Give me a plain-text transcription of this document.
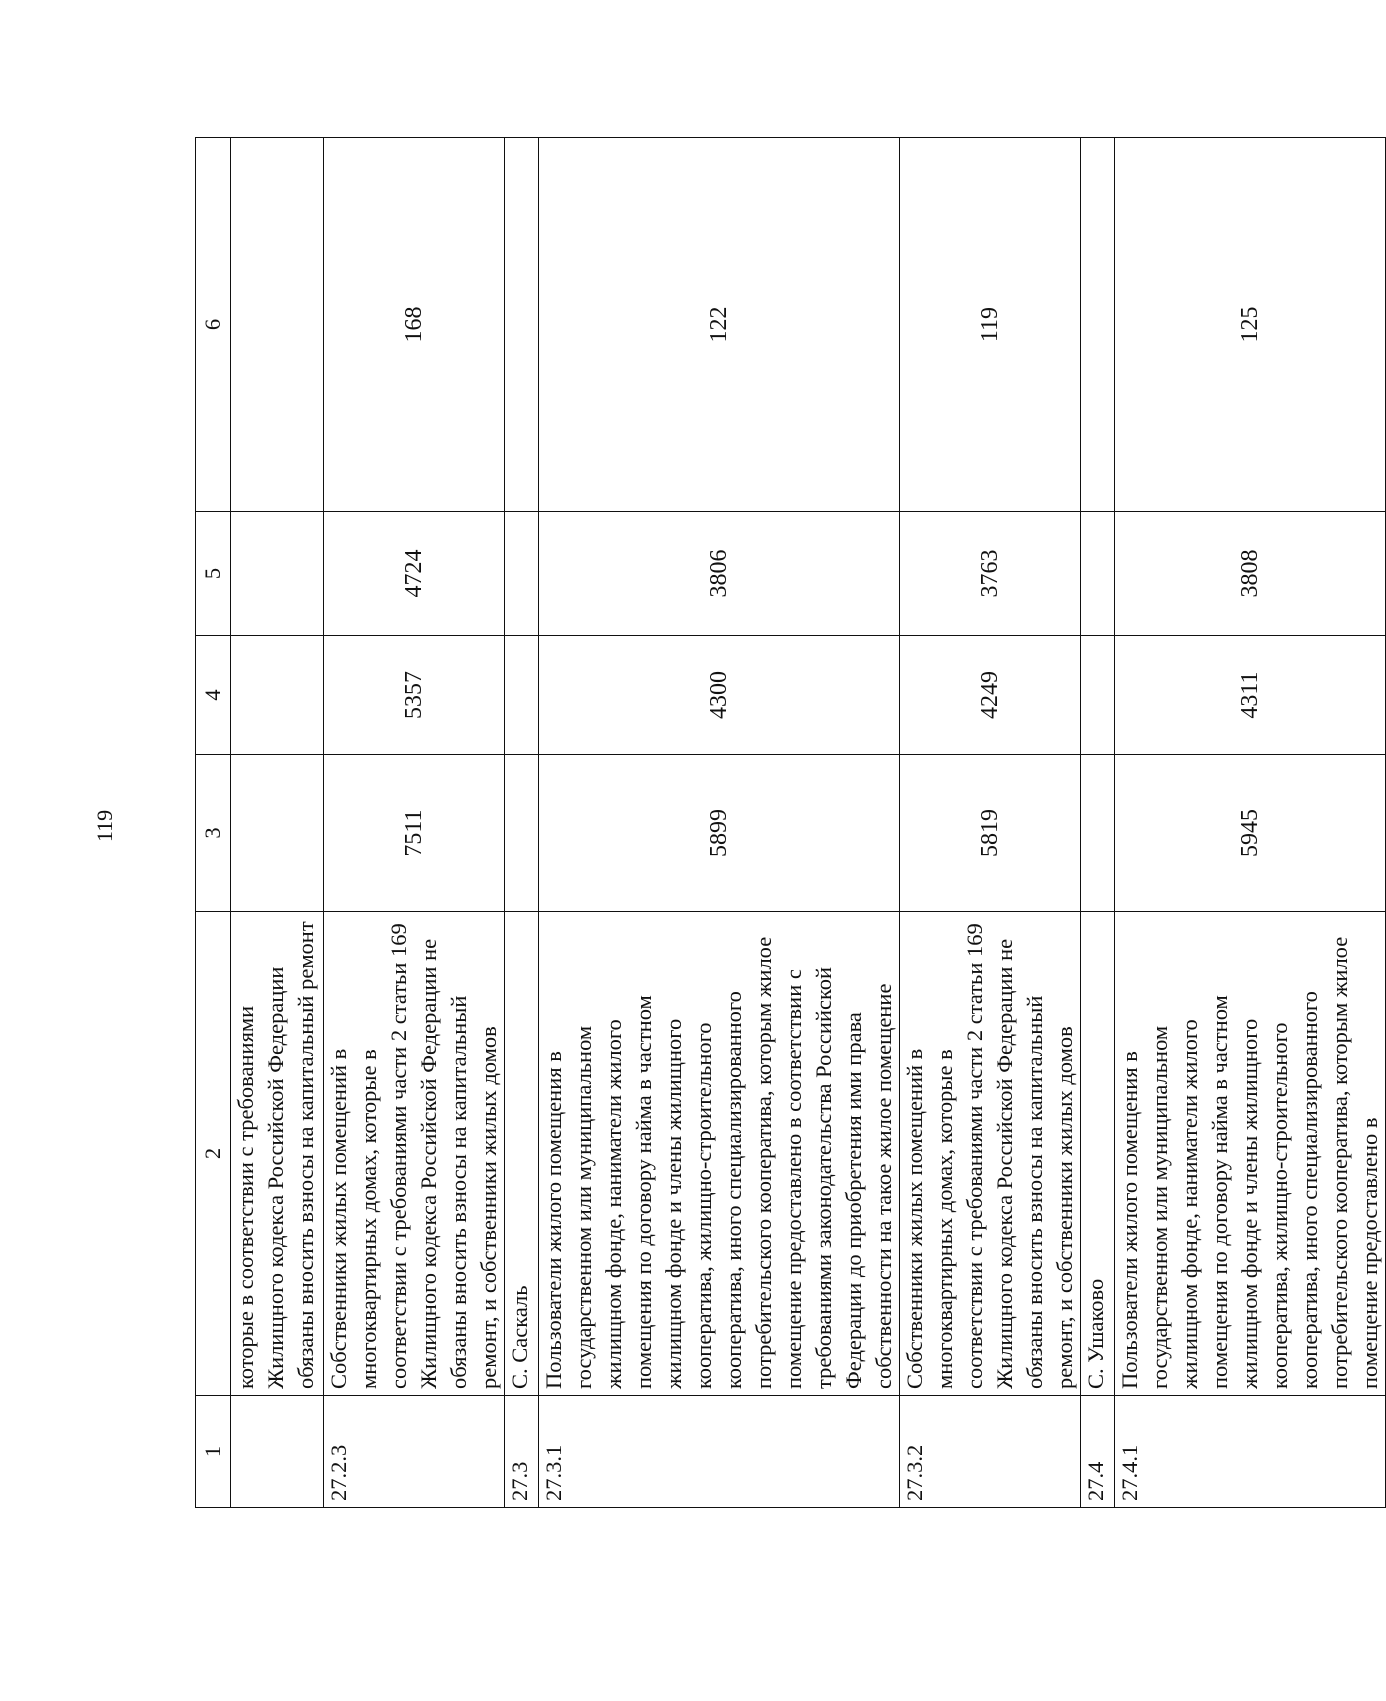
119
1	2	3	4	5	6
	которые в соответствии с требованиями Жилищного кодекса Российской Федерации обязаны вносить взносы на капитальный ремонт				
27.2.3	Собственники жилых помещений в многоквартирных домах, которые в соответствии с требованиями части 2 статьи 169 Жилищного кодекса Российской Федерации не обязаны вносить взносы на капитальный ремонт, и собственники жилых домов	7511	5357	4724	168
27.3	С. Саскаль				
27.3.1	Пользователи жилого помещения в государственном или муниципальном жилищном фонде, наниматели жилого помещения по договору найма в частном жилищном фонде и члены жилищного кооператива, жилищно-строительного кооператива, иного специализированного потребительского кооператива, которым жилое помещение предоставлено в соответствии с требованиями законодательства Российской Федерации до приобретения ими права собственности на такое жилое помещение	5899	4300	3806	122
27.3.2	Собственники жилых помещений в многоквартирных домах, которые в соответствии с требованиями части 2 статьи 169 Жилищного кодекса Российской Федерации не обязаны вносить взносы на капитальный ремонт, и собственники жилых домов	5819	4249	3763	119
27.4	С. Ушаково				
27.4.1	Пользователи жилого помещения в государственном или муниципальном жилищном фонде, наниматели жилого помещения по договору найма в частном жилищном фонде и члены жилищного кооператива, жилищно-строительного кооператива, иного специализированного потребительского кооператива, которым жилое помещение предоставлено в	5945	4311	3808	125
